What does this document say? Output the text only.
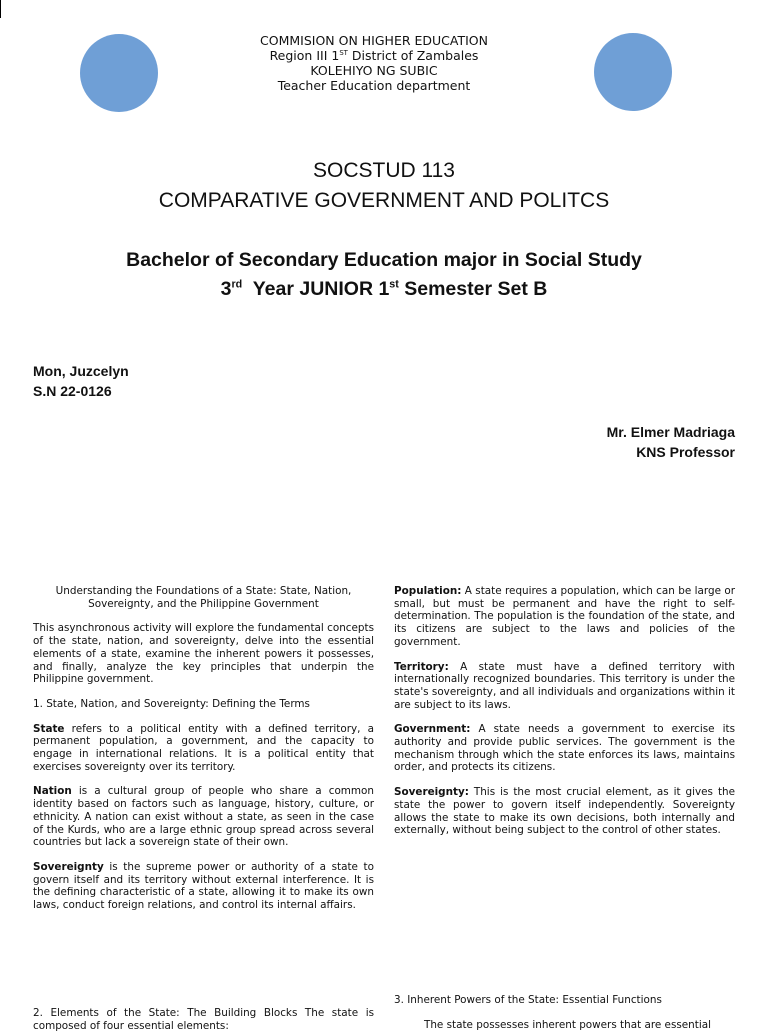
COMMISION ON HIGHER EDUCATION
Region III 1ST District of Zambales
KOLEHIYO NG SUBIC
Teacher Education department
SOCSTUD 113
COMPARATIVE GOVERNMENT AND POLITCS
Bachelor of Secondary Education major in Social Study
3rd  Year JUNIOR 1st Semester Set B
Mon, Juzcelyn
S.N 22-0126
Mr. Elmer Madriaga
KNS Professor

Understanding the Foundations of a State: State, Nation, Sovereignty, and the Philippine Government

This asynchronous activity will explore the fundamental concepts of the state, nation, and sovereignty, delve into the essential elements of a state, examine the inherent powers it possesses, and finally, analyze the key principles that underpin the Philippine government.

1. State, Nation, and Sovereignty: Defining the Terms

State refers to a political entity with a defined territory, a permanent population, a government, and the capacity to engage in international relations. It is a political entity that exercises sovereignty over its territory.

Nation is a cultural group of people who share a common identity based on factors such as language, history, culture, or ethnicity. A nation can exist without a state, as seen in the case of the Kurds, who are a large ethnic group spread across several countries but lack a sovereign state of their own.

Sovereignty is the supreme power or authority of a state to govern itself and its territory without external interference. It is the defining characteristic of a state, allowing it to make its own laws, conduct foreign relations, and control its internal affairs.

2. Elements of the State: The Building Blocks The state is composed of four essential elements:

Population: A state requires a population, which can be large or small, but must be permanent and have the right to self-determination. The population is the foundation of the state, and its citizens are subject to the laws and policies of the government.

Territory: A state must have a defined territory with internationally recognized boundaries. This territory is under the state's sovereignty, and all individuals and organizations within it are subject to its laws.

Government: A state needs a government to exercise its authority and provide public services. The government is the mechanism through which the state enforces its laws, maintains order, and protects its citizens.

Sovereignty: This is the most crucial element, as it gives the state the power to govern itself independently. Sovereignty allows the state to make its own decisions, both internally and externally, without being subject to the control of other states.

3. Inherent Powers of the State: Essential Functions
The state possesses inherent powers that are essential
